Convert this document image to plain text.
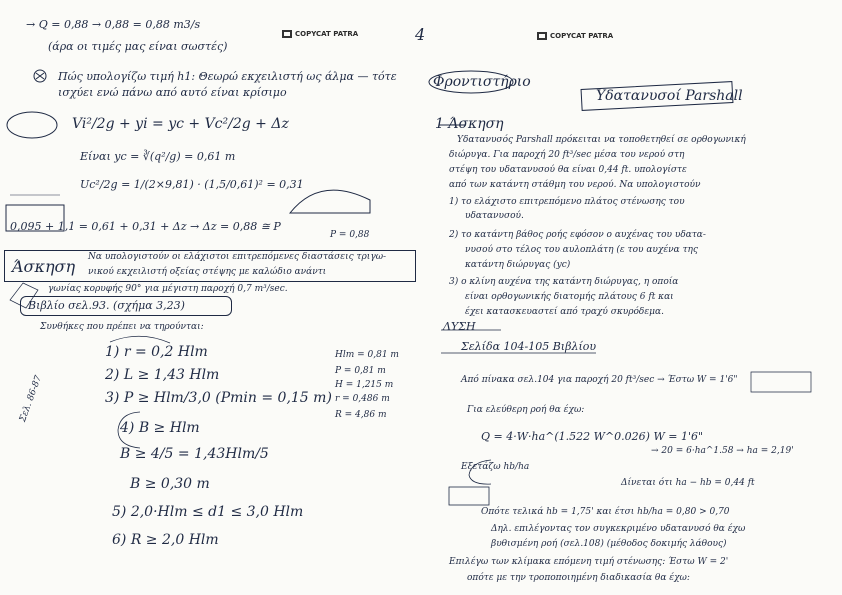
COPYCAT PATRA
→ Q = 0,88 → 0,88 = 0,88 m3/s
(άρα οι τιμές μας είναι σωστές)
Πώς υπολογίζω τιμή h1: Θεωρώ εκχειλιστή ως άλμα — τότε
ισχύει ενώ πάνω από αυτό είναι κρίσιμο
Vi²/2g + yi = yc + Vc²/2g + Δz
Είναι yc = ∛(q²/g) = 0,61 m
Uc²/2g = 1/(2×9,81) · (1,5/0,61)² = 0,31
0,095 + 1,1 = 0,61 + 0,31 + Δz → Δz = 0,88 ≅ P
P = 0,88
Άσκηση Να υπολογιστούν οι ελάχιστοι επιτρεπόμενες διαστάσεις τριγω-
νικού εκχειλιστή οξείας στέψης με καλώδιο ανάντι
γωνίας κορυφής 90° για μέγιστη παροχή 0,7 m³/sec.
Βιβλίο σελ.93. (σχήμα 3,23)
Συνθήκες που πρέπει να τηρούνται:
1) r = 0,2 Hlm
2) L ≥ 1,43 Hlm
3) P ≥ Hlm/3,0 (Pmin = 0,15 m)
4) B ≥ Hlm
B ≥ 4/5 = 1,43Hlm/5
B ≥ 0,30 m
5) 2,0·Hlm ≤ d1 ≤ 3,0 Hlm
6) R ≥ 2,0 Hlm
Hlm = 0,81 m
P = 0,81 m
H = 1,215 m
r = 0,486 m
R = 4,86 m
Σελ. 86-87
4	COPYCAT PATRA
Φροντιστήριο
Υδατανυσοί Parshall
1 Άσκηση
Υδατανυσός Parshall πρόκειται να τοποθετηθεί σε ορθογωνική
διώρυγα. Για παροχή 20 ft³/sec μέσα του νερού στη
στέψη του υδατανυσού θα είναι 0,44 ft. υπολογίστε
από των κατάντη στάθμη του νερού. Να υπολογιστούν
1) το ελάχιστο επιτρεπόμενο πλάτος στένωσης του
υδατανυσού.
2) το κατάντη βάθος ροής εφόσον ο αυχένας του υδατα-
νυσού στο τέλος του αυλοπλάτη (ε του αυχένα της
κατάντη διώρυγας (yc)
3) ο κλίνη αυχένα της κατάντη διώρυγας, η οποία
είναι ορθογωνικής διατομής πλάτους 6 ft και
έχει κατασκευαστεί από τραχύ σκυρόδεμα.
ΛΥΣΗ
Σελίδα 104-105 Βιβλίου
Από πίνακα σελ.104 για παροχή 20 ft³/sec → Έστω W = 1'6"
Για ελεύθερη ροή θα έχω:
Q = 4·W·ha^(1.522 W^0.026) W = 1'6"
→ 20 = 6·ha^1.58 → ha = 2,19'
Εξετάζω hb/ha
Δίνεται ότι ha − hb = 0,44 ft
Οπότε τελικά hb = 1,75' και έτσι hb/ha = 0,80 > 0,70
Δηλ. επιλέγοντας τον συγκεκριμένο υδατανυσό θα έχω
βυθισμένη ροή (σελ.108) (μέθοδος δοκιμής λάθους)
Επιλέγω των κλίμακα επόμενη τιμή στένωσης: Έστω W = 2'
οπότε με την τροποποιημένη διαδικασία θα έχω:
